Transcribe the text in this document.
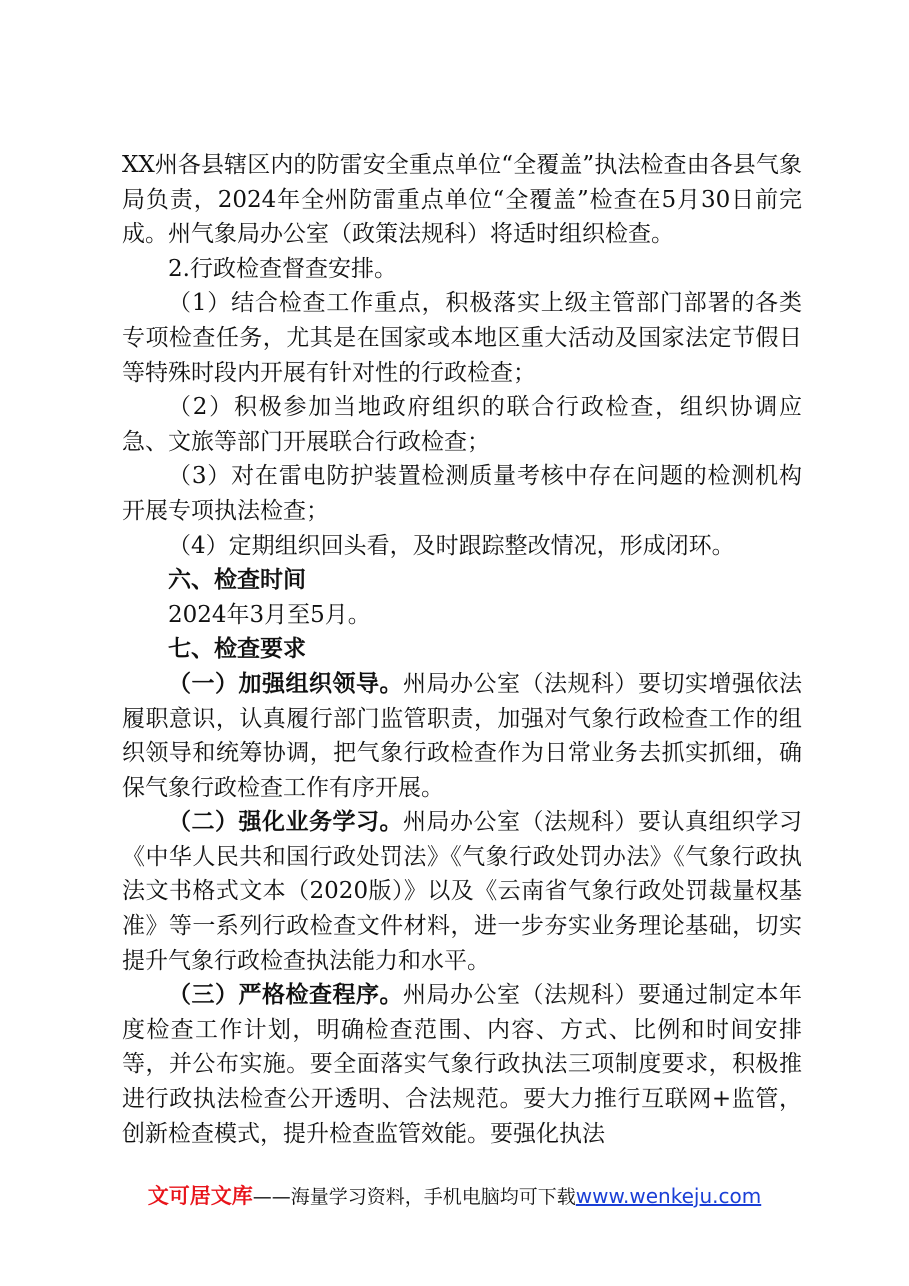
XX州各县辖区内的防雷安全重点单位“全覆盖”执法检查由各县气象局负责，2024年全州防雷重点单位“全覆盖”检查在5月30日前完成。州气象局办公室（政策法规科）将适时组织检查。

2.行政检查督查安排。

（1）结合检查工作重点，积极落实上级主管部门部署的各类专项检查任务，尤其是在国家或本地区重大活动及国家法定节假日等特殊时段内开展有针对性的行政检查；

（2）积极参加当地政府组织的联合行政检查，组织协调应急、文旅等部门开展联合行政检查；

（3）对在雷电防护装置检测质量考核中存在问题的检测机构开展专项执法检查；

（4）定期组织回头看，及时跟踪整改情况，形成闭环。

六、检查时间

2024年3月至5月。

七、检查要求

（一）加强组织领导。州局办公室（法规科）要切实增强依法履职意识，认真履行部门监管职责，加强对气象行政检查工作的组织领导和统筹协调，把气象行政检查作为日常业务去抓实抓细，确保气象行政检查工作有序开展。

（二）强化业务学习。州局办公室（法规科）要认真组织学习《中华人民共和国行政处罚法》《气象行政处罚办法》《气象行政执法文书格式文本（2020版）》以及《云南省气象行政处罚裁量权基准》等一系列行政检查文件材料，进一步夯实业务理论基础，切实提升气象行政检查执法能力和水平。

（三）严格检查程序。州局办公室（法规科）要通过制定本年度检查工作计划，明确检查范围、内容、方式、比例和时间安排等，并公布实施。要全面落实气象行政执法三项制度要求，积极推进行政执法检查公开透明、合法规范。要大力推行互联网+监管，创新检查模式，提升检查监管效能。要强化执法

文可居文库——海量学习资料，手机电脑均可下载www.wenkeju.com
